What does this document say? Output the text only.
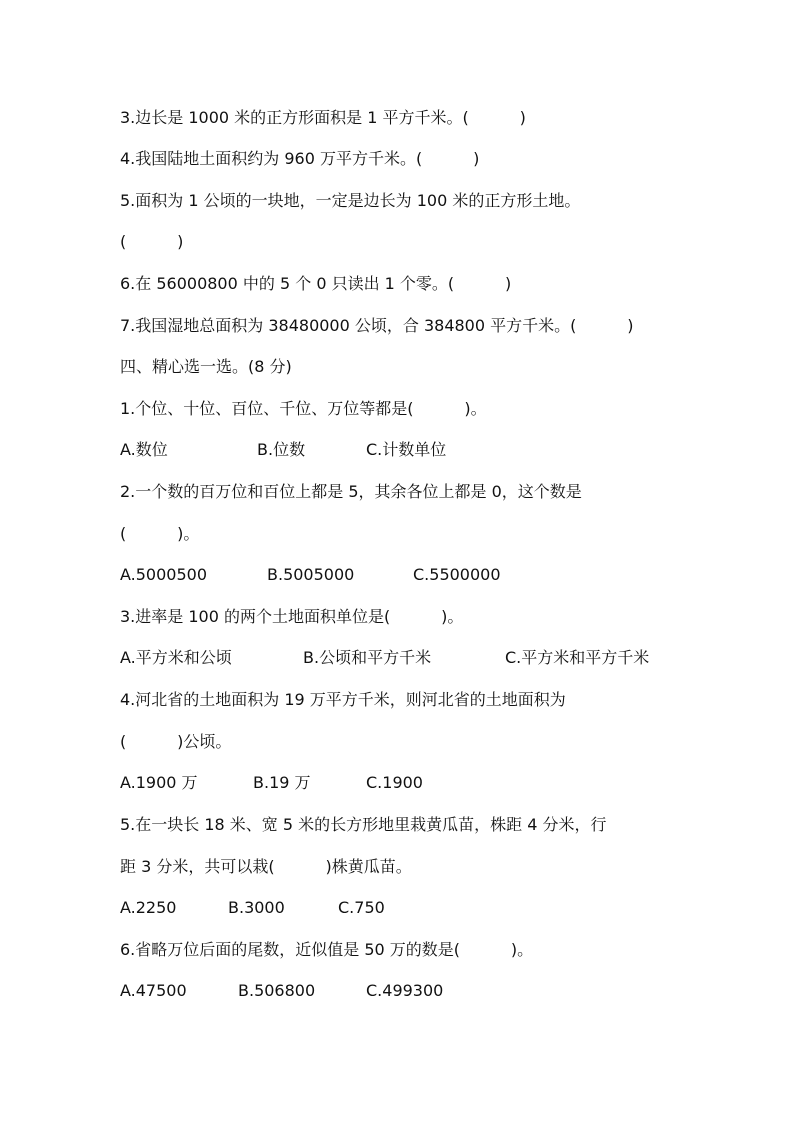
3.边长是 1000 米的正方形面积是 1 平方千米。(          )
4.我国陆地土面积约为 960 万平方千米。(          )
5.面积为 1 公顷的一块地，一定是边长为 100 米的正方形土地。
(          )
6.在 56000800 中的 5 个 0 只读出 1 个零。(          )
7.我国湿地总面积为 38480000 公顷，合 384800 平方千米。(          )
四、精心选一选。(8 分)
1.个位、十位、百位、千位、万位等都是(          )。
A.数位	B.位数	C.计数单位
2.一个数的百万位和百位上都是 5，其余各位上都是 0，这个数是
(          )。
A.5000500	B.5005000	C.5500000
3.进率是 100 的两个土地面积单位是(          )。
A.平方米和公顷	B.公顷和平方千米	C.平方米和平方千米
4.河北省的土地面积为 19 万平方千米，则河北省的土地面积为
(          )公顷。
A.1900 万	B.19 万	C.1900
5.在一块长 18 米、宽 5 米的长方形地里栽黄瓜苗，株距 4 分米，行
距 3 分米，共可以栽(          )株黄瓜苗。
A.2250	B.3000	C.750
6.省略万位后面的尾数，近似值是 50 万的数是(          )。
A.47500	B.506800	C.499300
